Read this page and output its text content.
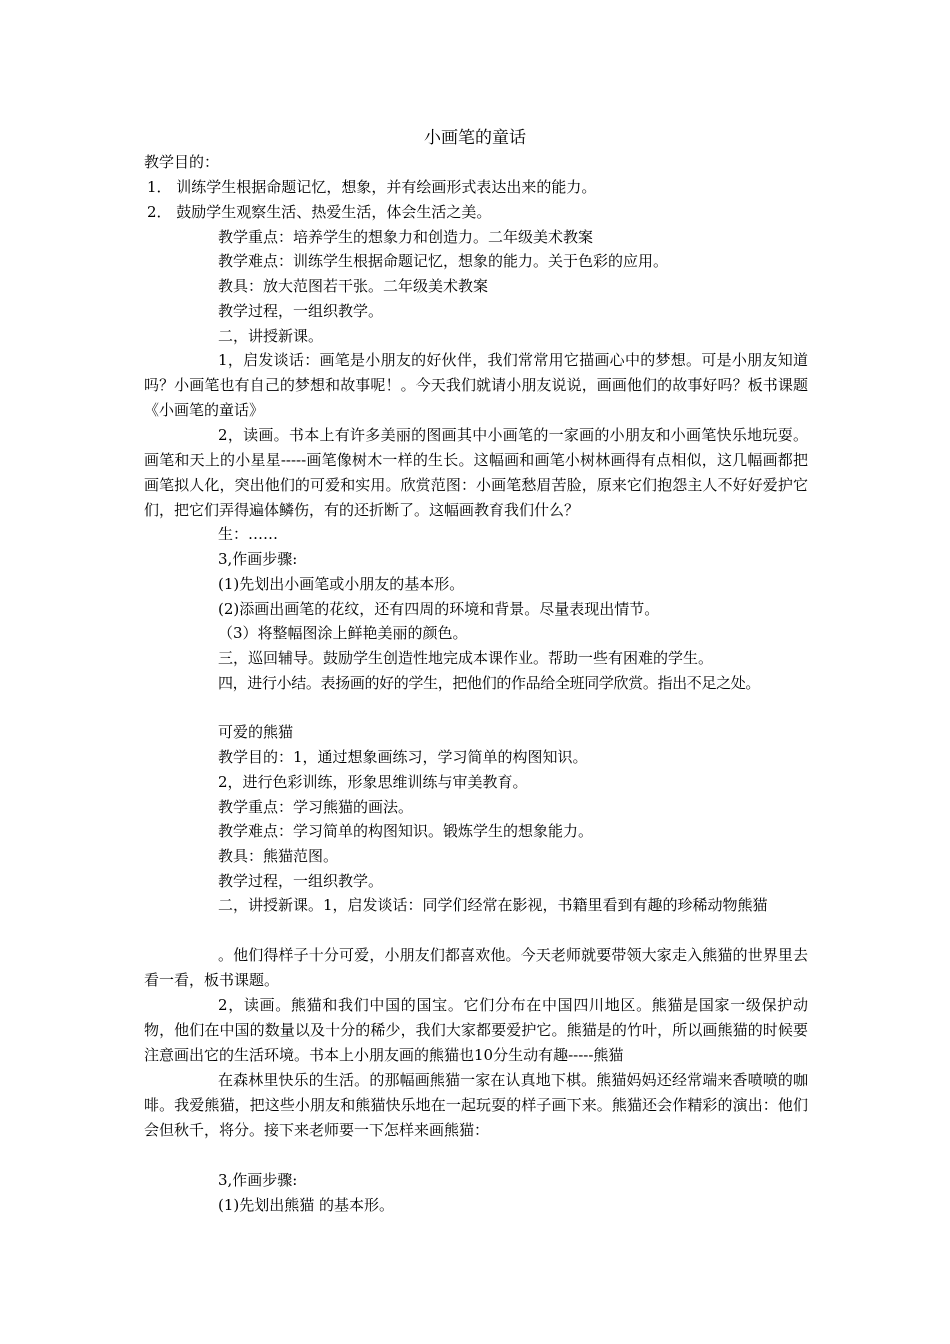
小画笔的童话
教学目的：
1． 训练学生根据命题记忆，想象，并有绘画形式表达出来的能力。
2． 鼓励学生观察生活、热爱生活，体会生活之美。
教学重点：培养学生的想象力和创造力。二年级美术教案
教学难点：训练学生根据命题记忆，想象的能力。关于色彩的应用。
教具：放大范图若干张。二年级美术教案
教学过程，一组织教学。
二，讲授新课。
1，启发谈话：画笔是小朋友的好伙伴，我们常常用它描画心中的梦想。可是小朋友知道吗？小画笔也有自己的梦想和故事呢！。今天我们就请小朋友说说，画画他们的故事好吗？板书课题《小画笔的童话》
2，读画。书本上有许多美丽的图画其中小画笔的一家画的小朋友和小画笔快乐地玩耍。画笔和天上的小星星-----画笔像树木一样的生长。这幅画和画笔小树林画得有点相似，这几幅画都把画笔拟人化，突出他们的可爱和实用。欣赏范图：小画笔愁眉苦脸，原来它们抱怨主人不好好爱护它们，把它们弄得遍体鳞伤，有的还折断了。这幅画教育我们什么？
生：……
3,作画步骤:
(1)先划出小画笔或小朋友的基本形。
(2)添画出画笔的花纹，还有四周的环境和背景。尽量表现出情节。
（3）将整幅图涂上鲜艳美丽的颜色。
三，巡回辅导。鼓励学生创造性地完成本课作业。帮助一些有困难的学生。
四，进行小结。表扬画的好的学生，把他们的作品给全班同学欣赏。指出不足之处。
可爱的熊猫
教学目的：1，通过想象画练习，学习简单的构图知识。
2，进行色彩训练，形象思维训练与审美教育。
教学重点：学习熊猫的画法。
教学难点：学习简单的构图知识。锻炼学生的想象能力。
教具：熊猫范图。
教学过程，一组织教学。
二，讲授新课。1，启发谈话：同学们经常在影视，书籍里看到有趣的珍稀动物熊猫
。他们得样子十分可爱，小朋友们都喜欢他。今天老师就要带领大家走入熊猫的世界里去看一看，板书课题。
2，读画。熊猫和我们中国的国宝。它们分布在中国四川地区。熊猫是国家一级保护动物，他们在中国的数量以及十分的稀少，我们大家都要爱护它。熊猫是的竹叶，所以画熊猫的时候要注意画出它的生活环境。书本上小朋友画的熊猫也10分生动有趣-----熊猫
在森林里快乐的生活。的那幅画熊猫一家在认真地下棋。熊猫妈妈还经常端来香喷喷的咖啡。我爱熊猫，把这些小朋友和熊猫快乐地在一起玩耍的样子画下来。熊猫还会作精彩的演出：他们会但秋千，将分。接下来老师要一下怎样来画熊猫：
3,作画步骤:
(1)先划出熊猫 的基本形。
